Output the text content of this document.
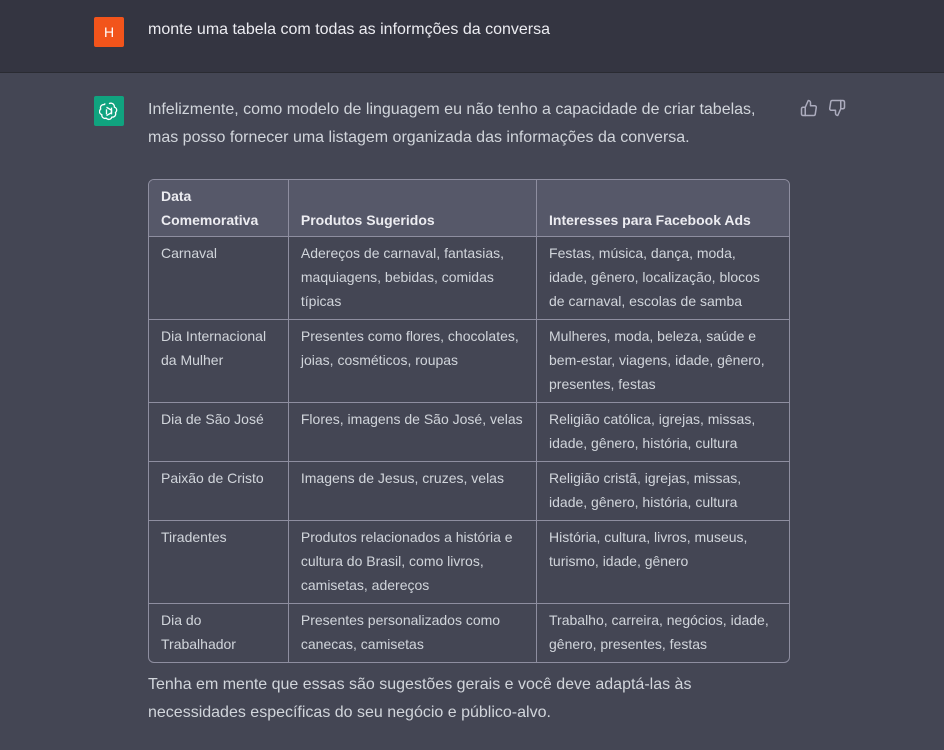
H	monte uma tabela com todas as informções da conversa

Infelizmente, como modelo de linguagem eu não tenho a capacidade de criar tabelas, mas posso fornecer uma listagem organizada das informações da conversa.

Data Comemorativa	Produtos Sugeridos	Interesses para Facebook Ads
Carnaval	Adereços de carnaval, fantasias, maquiagens, bebidas, comidas típicas	Festas, música, dança, moda, idade, gênero, localização, blocos de carnaval, escolas de samba
Dia Internacional da Mulher	Presentes como flores, chocolates, joias, cosméticos, roupas	Mulheres, moda, beleza, saúde e bem-estar, viagens, idade, gênero, presentes, festas
Dia de São José	Flores, imagens de São José, velas	Religião católica, igrejas, missas, idade, gênero, história, cultura
Paixão de Cristo	Imagens de Jesus, cruzes, velas	Religião cristã, igrejas, missas, idade, gênero, história, cultura
Tiradentes	Produtos relacionados a história e cultura do Brasil, como livros, camisetas, adereços	História, cultura, livros, museus, turismo, idade, gênero
Dia do Trabalhador	Presentes personalizados como canecas, camisetas	Trabalho, carreira, negócios, idade, gênero, presentes, festas
Tenha em mente que essas são sugestões gerais e você deve adaptá-las às necessidades específicas do seu negócio e público-alvo.
